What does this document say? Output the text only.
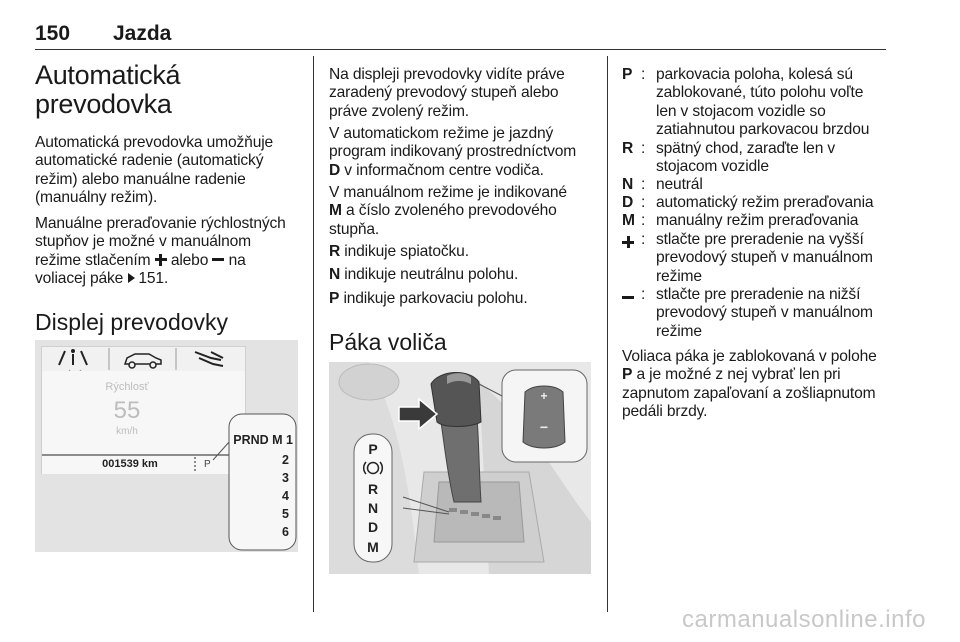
150 Jazda
Automatická
prevodovka
Automatická prevodovka umožňuje
automatické radenie (automatický
režim) alebo manuálne radenie
(manuálny režim).
Manuálne preraďovanie rýchlostných
stupňov je možné v manuálnom
režime stlačením  alebo  na
voliacej páke 151.
Displej prevodovky
Rýchlosť
55
km/h
001539 km	P
PRND M 1
2
3
4
5
6
Na displeji prevodovky vidíte práve
zaradený prevodový stupeň alebo
práve zvolený režim.
V automatickom režime je jazdný
program indikovaný prostredníctvom
D v informačnom centre vodiča.
V manuálnom režime je indikované
M a číslo zvoleného prevodového
stupňa.
R indikuje spiatočku.
N indikuje neutrálnu polohu.
P indikuje parkovaciu polohu.
Páka voliča
+
−
P
R
N
D
M
P : parkovacia poloha, kolesá sú
zablokované, túto polohu voľte
len v stojacom vozidle so
zatiahnutou parkovacou brzdou
R : spätný chod, zaraďte len v
stojacom vozidle
N : neutrál
D : automatický režim preraďovania
M : manuálny režim preraďovania
: stlačte pre preradenie na vyšší
prevodový stupeň v manuálnom
režime
: stlačte pre preradenie na nižší
prevodový stupeň v manuálnom
režime
Voliaca páka je zablokovaná v polohe
P a je možné z nej vybrať len pri
zapnutom zapaľovaní a zošliapnutom
pedáli brzdy.
carmanualsonline.info
